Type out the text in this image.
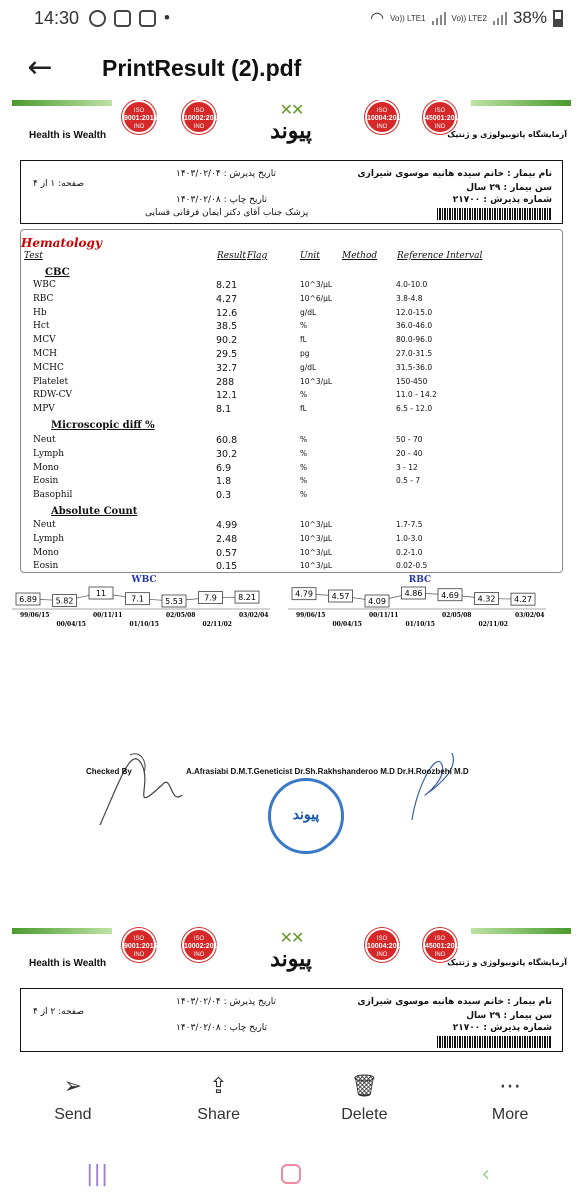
14:30	•	◠ Vo)) LTE1	Vo)) LTE2 38%
←	PrintResult (2).pdf
ISO
9001:2015
INO
ISO
10002:2018
INO
✕✕
پیوند
ISO
10004:2018
INO
ISO
45001:2018
INO
Health is Wealth	آزمایشگاه پاتوبیولوژی و ژنتیک
نام بیمار : خانم سیده هانیه موسوی شیرازی
سن بیمار : ۲۹ سال
شماره پذیرش : ۲۱۷۰۰
تاریخ پذیرش : ۱۴۰۳/۰۲/۰۴
تاریخ چاپ : ۱۴۰۳/۰۲/۰۸
پزشک جناب آقای دکتر ایمان فرقانی فسایی
صفحه: ۱ از ۴
Hematology
Test	Result Flag	Unit Method Reference Interval
CBC
WBC	8.21	10^3/µL	4.0-10.0
RBC	4.27	10^6/µL	3.8-4.8
Hb	12.6	g/dL	12.0-15.0
Hct	38.5	%	36.0-46.0
MCV	90.2	fL	80.0-96.0
MCH	29.5	pg	27.0-31.5
MCHC	32.7	g/dL	31.5-36.0
Platelet	288	10^3/µL	150-450
RDW-CV	12.1	%	11.0 - 14.2
MPV	8.1	fL	6.5 - 12.0
Microscopic diff %
Neut	60.8	%	50 - 70
Lymph	30.2	%	20 - 40
Mono	6.9	%	3 - 12
Eosin	1.8	%	0.5 - 7
Basophil	0.3	%
Absolute Count
Neut	4.99	10^3/µL	1.7-7.5
Lymph	2.48	10^3/µL	1.0-3.0
Mono	0.57	10^3/µL	0.2-1.0
Eosin	0.15	10^3/µL	0.02-0.5
WBC
6.89 5.82
11
7.1	5.53	7.9	8.21
99/06/15	00/11/11	02/05/08	03/02/04
00/04/15	01/10/15	02/11/02
RBC
4.79 4.57
4.09
4.86 4.69 4.32 4.27
99/06/15	00/11/11	02/05/08	03/02/04
00/04/15	01/10/15	02/11/02
Checked By	A.Afrasiabi D.M.T.Geneticist Dr.Sh.Rakhshanderoo M.D Dr.H.Roozbehi M.D
پیوند
ISO
9001:2015
INO
ISO
10002:2018
INO
✕✕
پیوند
ISO
10004:2018
INO
ISO
45001:2018
INO
Health is Wealth	آزمایشگاه پاتوبیولوژی و ژنتیک
نام بیمار : خانم سیده هانیه موسوی شیرازی
سن بیمار : ۲۹ سال
شماره پذیرش : ۲۱۷۰۰
تاریخ پذیرش : ۱۴۰۳/۰۲/۰۴
تاریخ چاپ : ۱۴۰۳/۰۲/۰۸
صفحه: ۲ از ۴
➢
Send
⇪
Share
🗑
Delete
⋯
More
|||	‹
